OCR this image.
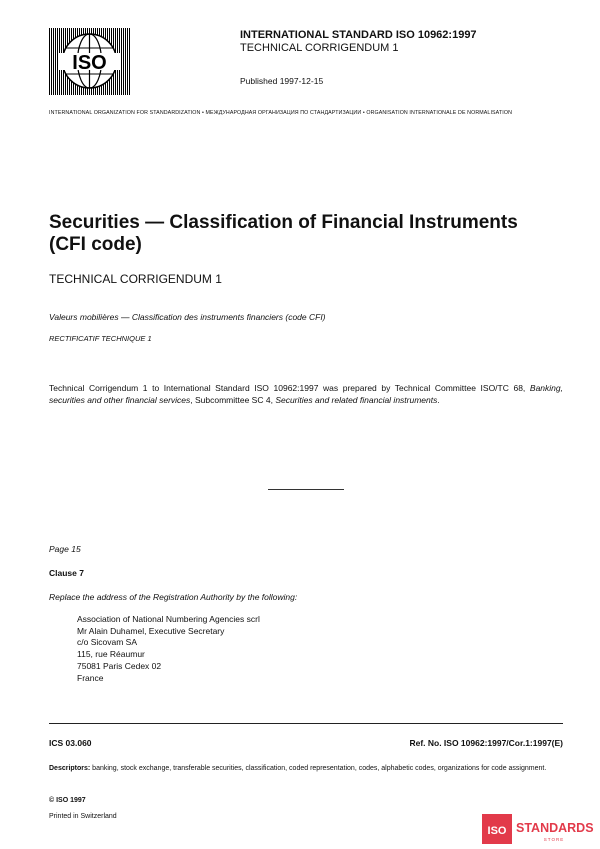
ISO
INTERNATIONAL STANDARD ISO 10962:1997
TECHNICAL CORRIGENDUM 1
Published 1997-12-15
INTERNATIONAL ORGANIZATION FOR STANDARDIZATION • МЕЖДУНАРОДНАЯ ОРГАНИЗАЦИЯ ПО СТАНДАРТИЗАЦИИ • ORGANISATION INTERNATIONALE DE NORMALISATION
Securities — Classification of Financial Instruments
(CFI code)
TECHNICAL CORRIGENDUM 1
Valeurs mobilières — Classification des instruments financiers (code CFI)
RECTIFICATIF TECHNIQUE 1
Technical Corrigendum 1 to International Standard ISO 10962:1997 was prepared by Technical Committee ISO/TC 68, Banking, securities and other financial services, Subcommittee SC 4, Securities and related financial instruments.
Page 15
Clause 7
Replace the address of the Registration Authority by the following:
Association of National Numbering Agencies scrl
Mr Alain Duhamel, Executive Secretary
c/o Sicovam SA
115, rue Réaumur
75081 Paris Cedex 02
France
ICS 03.060	Ref. No. ISO 10962:1997/Cor.1:1997(E)
Descriptors: banking, stock exchange, transferable securities, classification, coded representation, codes, alphabetic codes, organizations for code assignment.
© ISO 1997
Printed in Switzerland
ISO STANDARDS
STORE
